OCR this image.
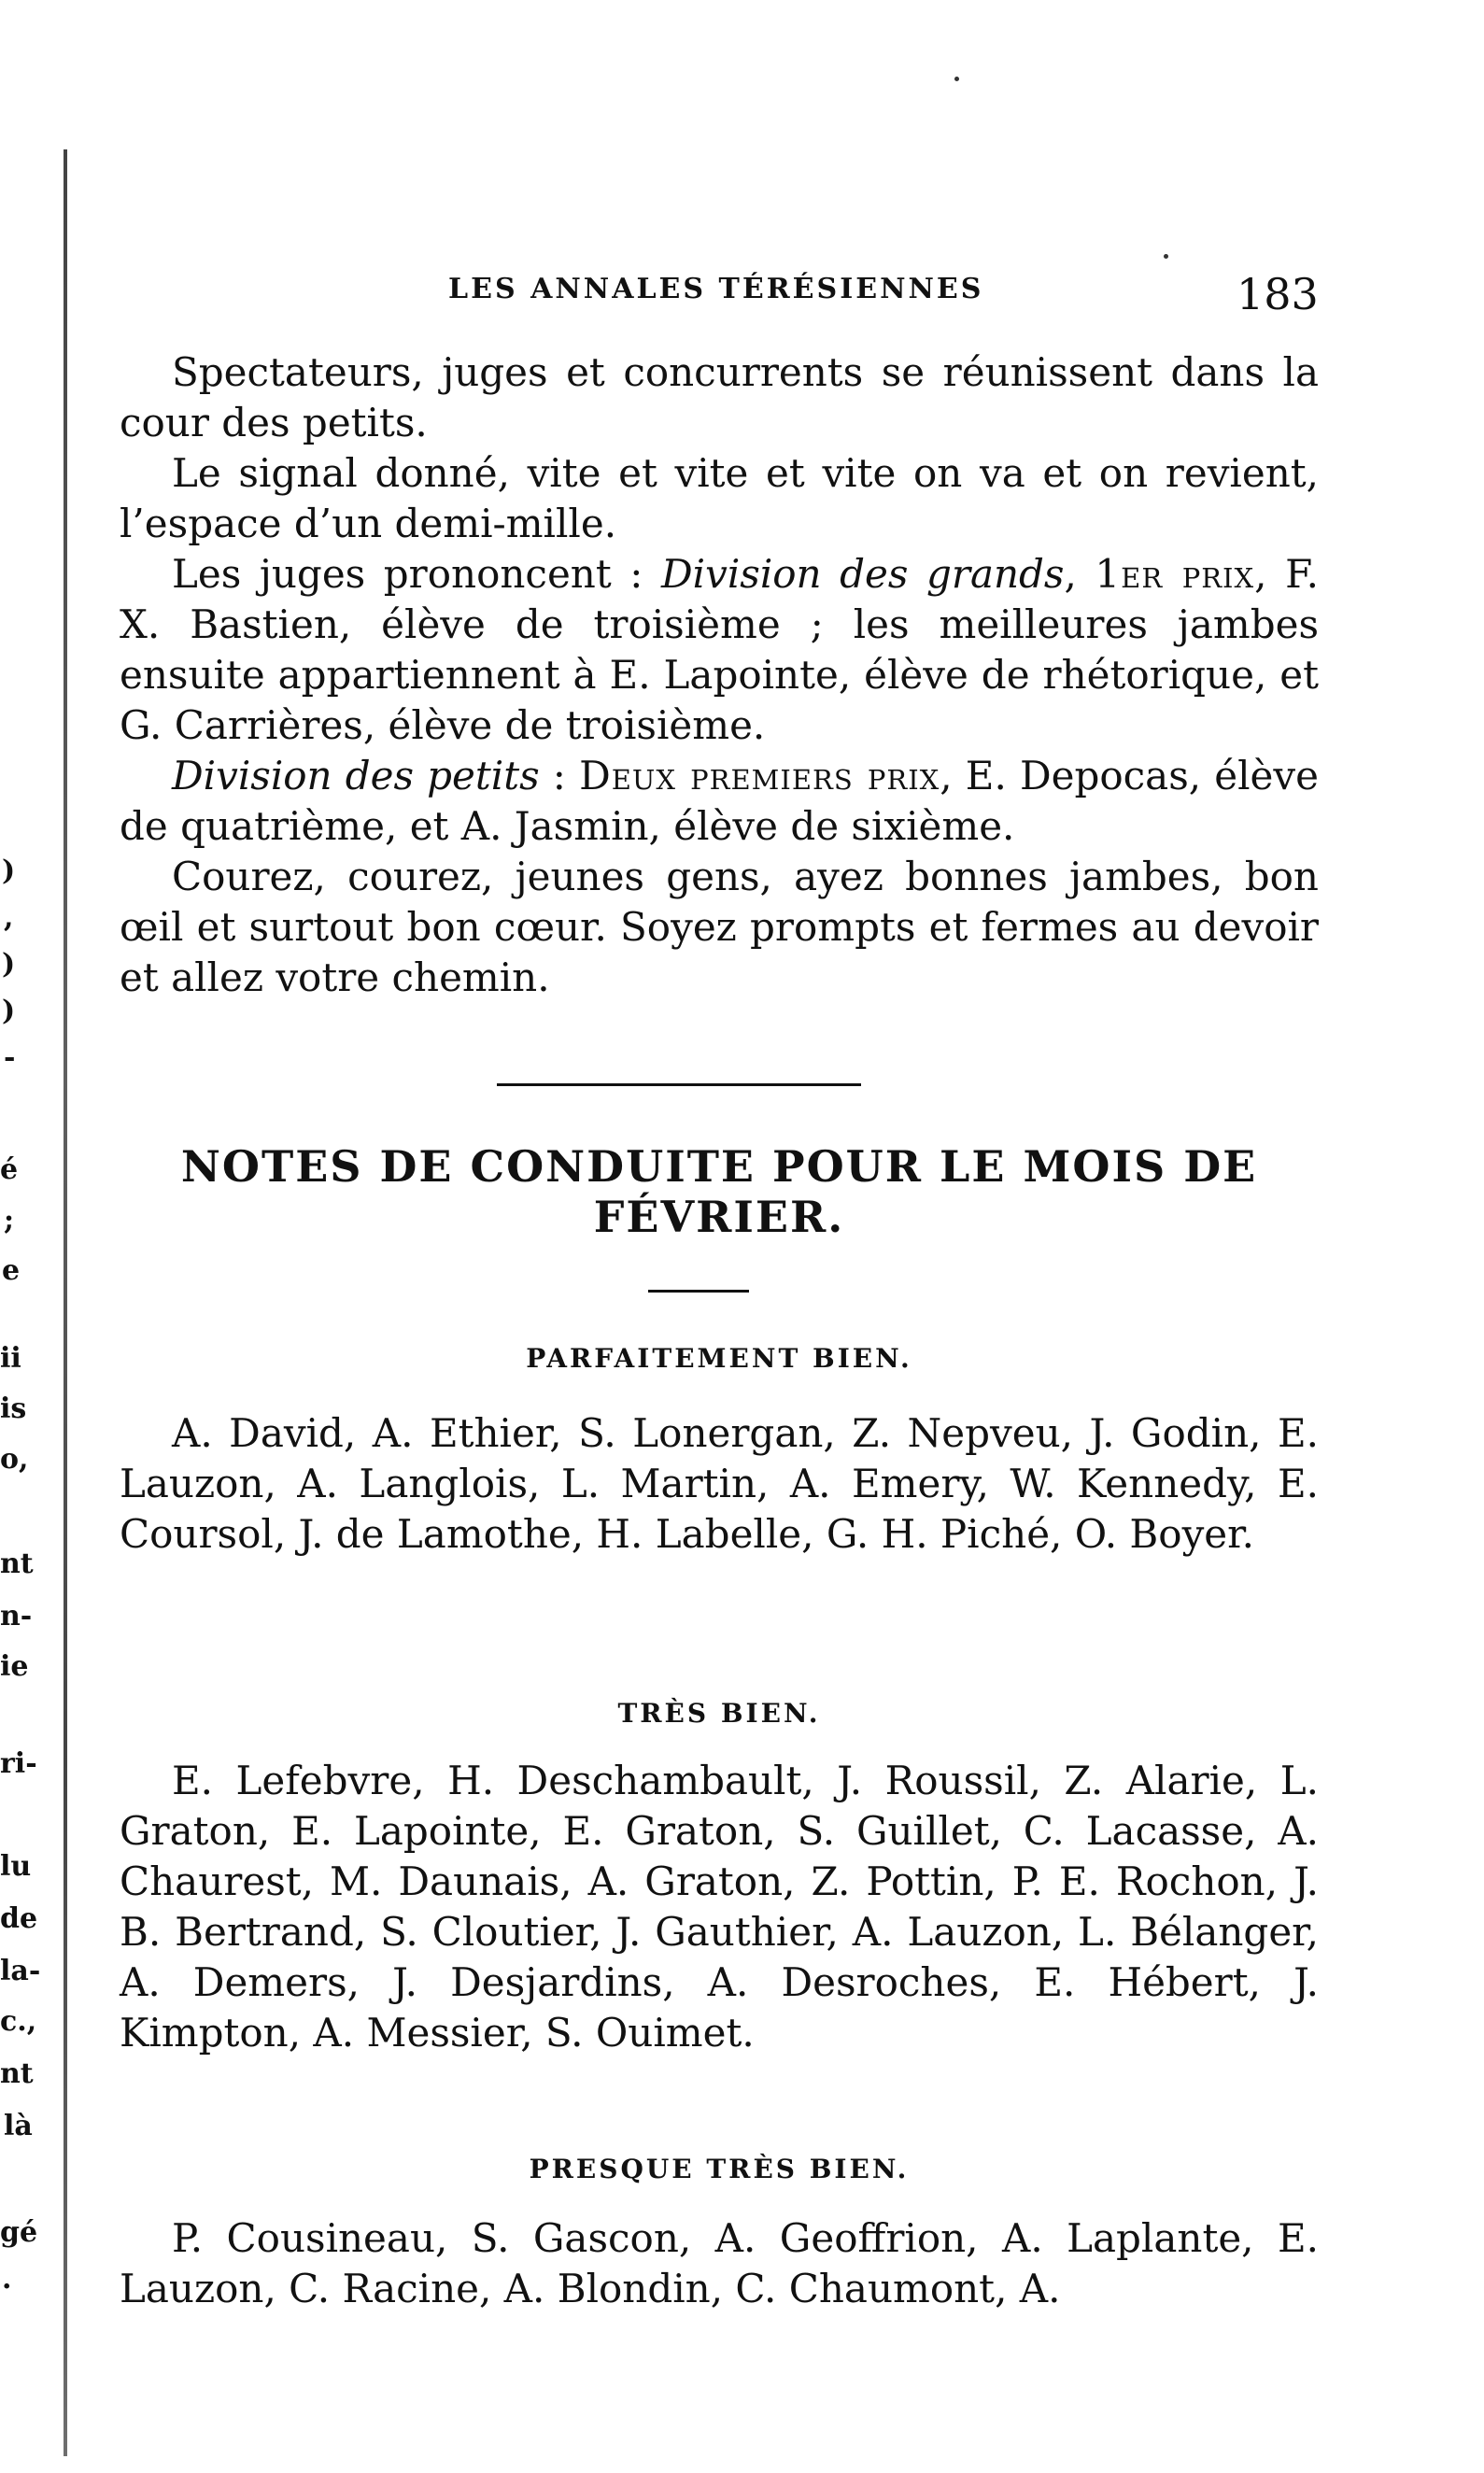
)
,
)
)
-
é
;
e
ii
is
o,
nt
n-
ie
ri-
lu
de
la-
c.,
nt
là
gé
.
LES ANNALES TÉRÉSIENNES	183

Spectateurs, juges et concurrents se réunissent dans la cour des petits.

Le signal donné, vite et vite et vite on va et on revient, l’espace d’un demi-mille.

Les juges prononcent : Division des grands, 1er prix, F. X. Bastien, élève de troisième ; les meilleures jambes ensuite appartiennent à E. Lapointe, élève de rhétorique, et G. Carrières, élève de troisième.

Division des petits : Deux premiers prix, E. Depocas, élève de quatrième, et A. Jasmin, élève de sixième.

Courez, courez, jeunes gens, ayez bonnes jambes, bon œil et surtout bon cœur. Soyez prompts et fermes au devoir et allez votre chemin.

NOTES DE CONDUITE POUR LE MOIS DE FÉVRIER.
PARFAITEMENT BIEN.

A. David, A. Ethier, S. Lonergan, Z. Nepveu, J. Godin, E. Lauzon, A. Langlois, L. Martin, A. Emery, W. Kennedy, E. Coursol, J. de Lamothe, H. Labelle, G. H. Piché, O. Boyer.

TRÈS BIEN.

E. Lefebvre, H. Deschambault, J. Roussil, Z. Alarie, L. Graton, E. Lapointe, E. Graton, S. Guillet, C. Lacasse, A. Chaurest, M. Daunais, A. Graton, Z. Pottin, P. E. Rochon, J. B. Bertrand, S. Cloutier, J. Gauthier, A. Lauzon, L. Bélanger, A. Demers, J. Desjardins, A. Desroches, E. Hébert, J. Kimpton, A. Messier, S. Ouimet.

PRESQUE TRÈS BIEN.

P. Cousineau, S. Gascon, A. Geoffrion, A. Laplante, E. Lauzon, C. Racine, A. Blondin, C. Chaumont, A.
